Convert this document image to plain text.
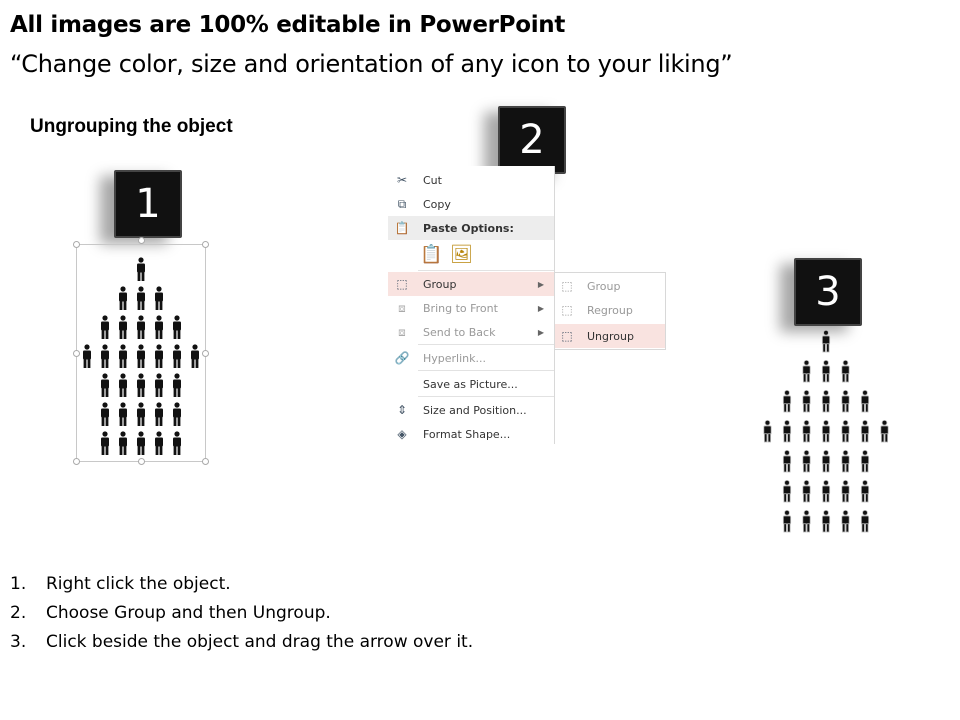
All images are 100% editable in PowerPoint
“Change color, size and orientation of any icon to your liking”
Ungrouping the object
1
2
3
✂ Cut
⧉	Copy
📋 Paste Options:
📋 🖼
⬚ Group	▶
⧈	Bring to Front	▶
⧈	Send to Back	▶
🔗 Hyperlink...
Save as Picture...
⇕ Size and Position...
◈	Format Shape...
⬚ Group
⬚ Regroup
⬚ Ungroup
1.	Right click the object.
2.	Choose Group and then Ungroup.
3.	Click beside the object and drag the arrow over it.
